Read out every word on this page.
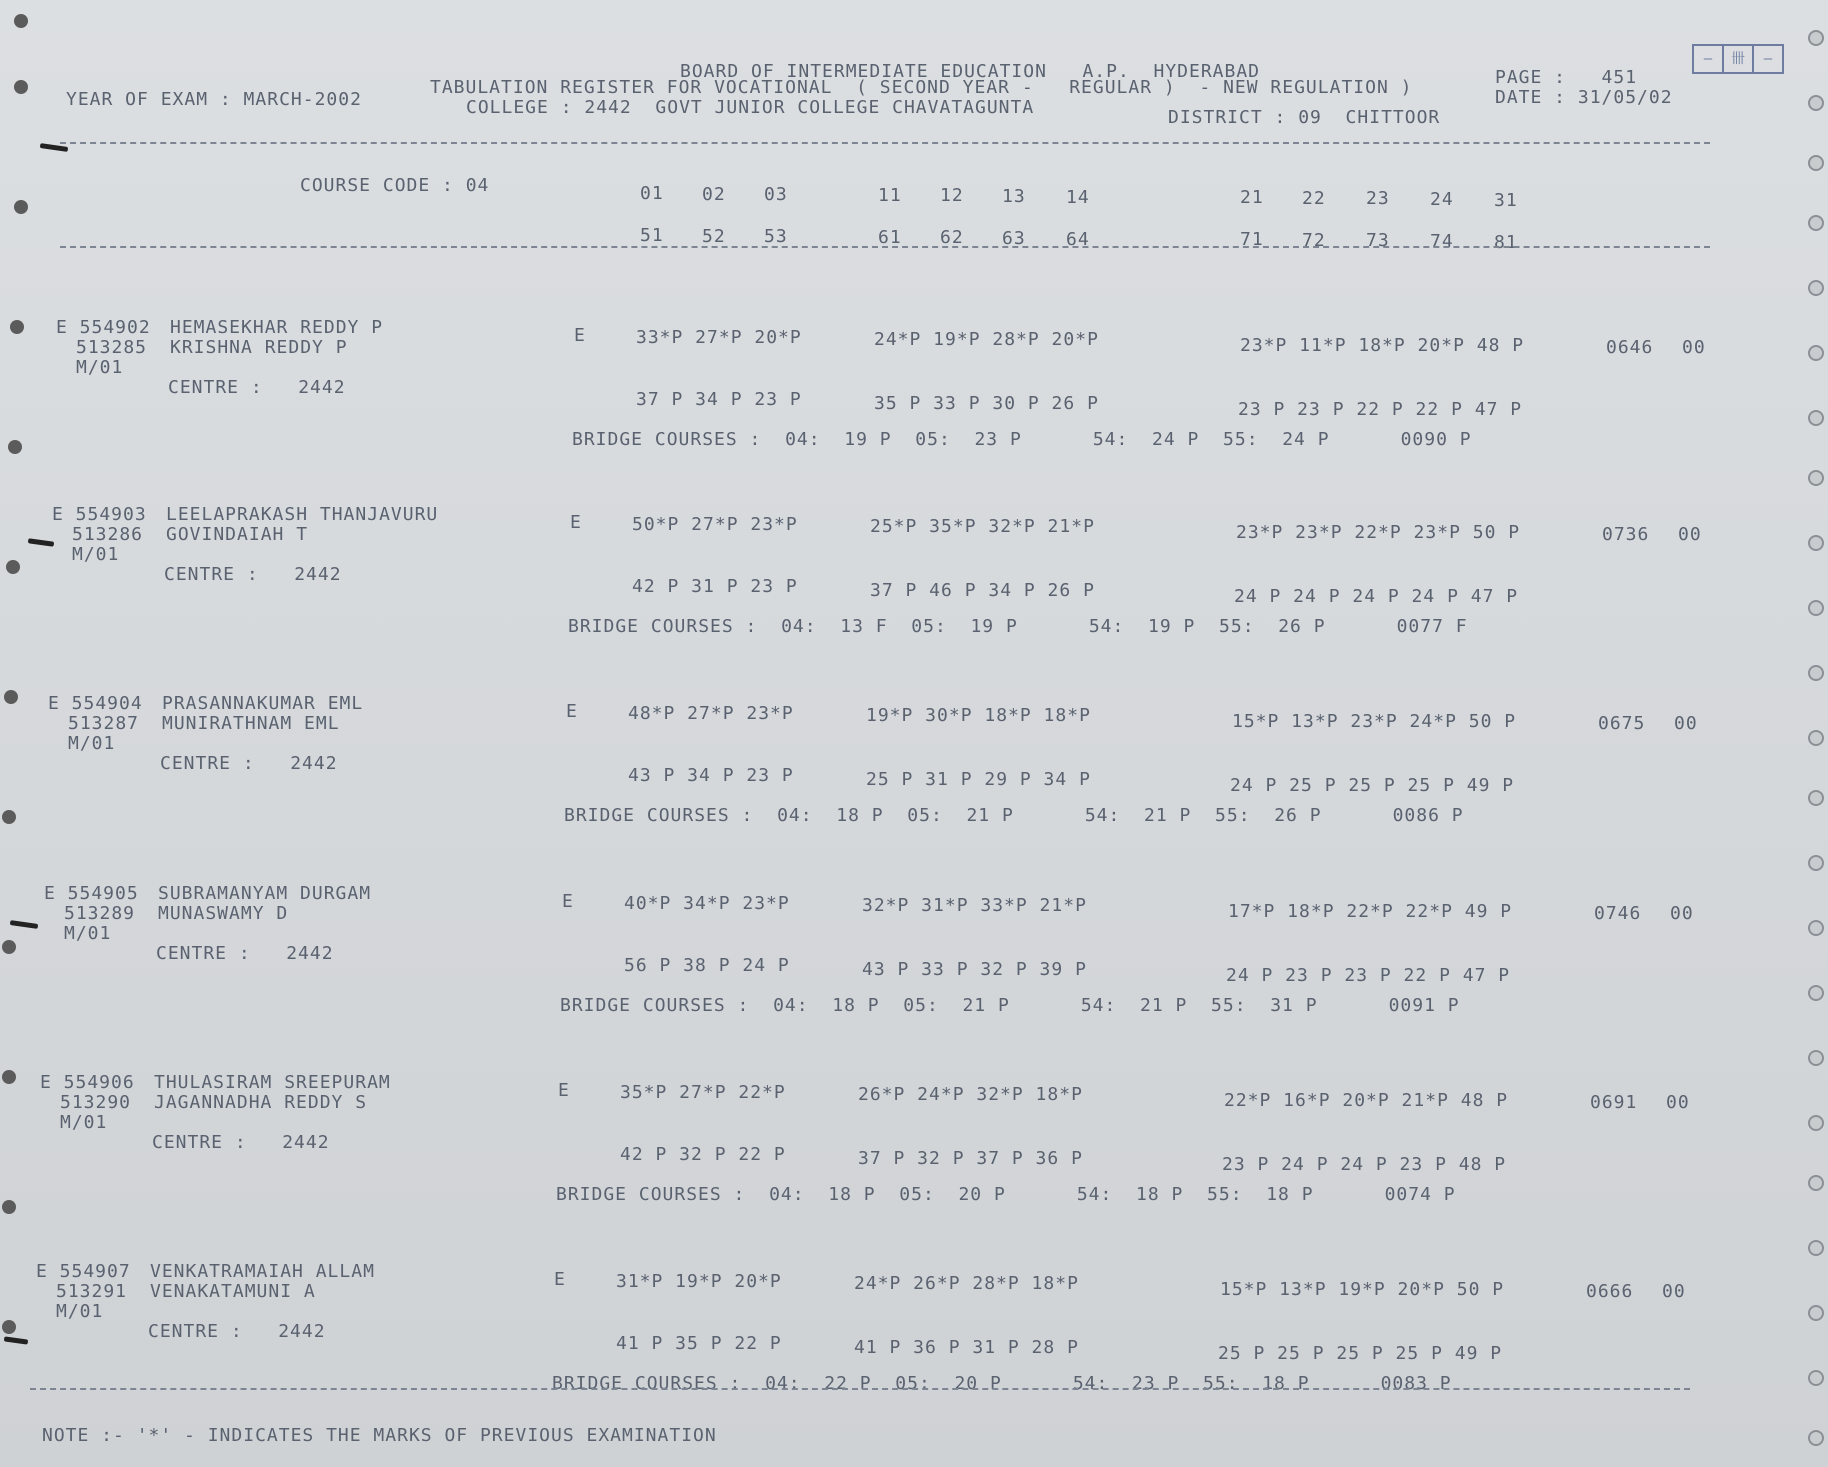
—	卌	—
BOARD OF INTERMEDIATE EDUCATION   A.P.  HYDERABAD	PAGE :   451
YEAR OF EXAM : MARCH-2002
TABULATION REGISTER FOR VOCATIONAL  ( SECOND YEAR -   REGULAR )  - NEW REGULATION )	DATE : 31/05/02
COLLEGE : 2442  GOVT JUNIOR COLLEGE CHAVATAGUNTA	DISTRICT : 09  CHITTOOR
COURSE CODE : 04	01 02 03	11 12 13 14	21 22 23 24 31
51 52 53	61 62 63 64	71 72 73 74 81
E 554902 HEMASEKHAR REDDY P
513285 KRISHNA REDDY P
M/01
CENTRE :   2442
E	33*P 27*P 20*P	24*P 19*P 28*P 20*P	23*P 11*P 18*P 20*P 48 P	0646 00
37 P 34 P 23 P	35 P 33 P 30 P 26 P	23 P 23 P 22 P 22 P 47 P
BRIDGE COURSES :  04:  19 P  05:  23 P      54:  24 P  55:  24 P      0090 P
E 554903 LEELAPRAKASH THANJAVURU
513286 GOVINDAIAH T
M/01
CENTRE :   2442
E	50*P 27*P 23*P	25*P 35*P 32*P 21*P	23*P 23*P 22*P 23*P 50 P	0736 00
42 P 31 P 23 P	37 P 46 P 34 P 26 P	24 P 24 P 24 P 24 P 47 P
BRIDGE COURSES :  04:  13 F  05:  19 P      54:  19 P  55:  26 P      0077 F
E 554904 PRASANNAKUMAR EML
513287 MUNIRATHNAM EML
M/01
CENTRE :   2442
E	48*P 27*P 23*P	19*P 30*P 18*P 18*P	15*P 13*P 23*P 24*P 50 P	0675 00
43 P 34 P 23 P	25 P 31 P 29 P 34 P	24 P 25 P 25 P 25 P 49 P
BRIDGE COURSES :  04:  18 P  05:  21 P      54:  21 P  55:  26 P      0086 P
E 554905 SUBRAMANYAM DURGAM
513289 MUNASWAMY D
M/01
CENTRE :   2442
E	40*P 34*P 23*P	32*P 31*P 33*P 21*P	17*P 18*P 22*P 22*P 49 P	0746 00
56 P 38 P 24 P	43 P 33 P 32 P 39 P	24 P 23 P 23 P 22 P 47 P
BRIDGE COURSES :  04:  18 P  05:  21 P      54:  21 P  55:  31 P      0091 P
E 554906 THULASIRAM SREEPURAM
513290 JAGANNADHA REDDY S
M/01
CENTRE :   2442
E	35*P 27*P 22*P	26*P 24*P 32*P 18*P	22*P 16*P 20*P 21*P 48 P	0691 00
42 P 32 P 22 P	37 P 32 P 37 P 36 P	23 P 24 P 24 P 23 P 48 P
BRIDGE COURSES :  04:  18 P  05:  20 P      54:  18 P  55:  18 P      0074 P
E 554907 VENKATRAMAIAH ALLAM
513291 VENAKATAMUNI A
M/01
CENTRE :   2442
E	31*P 19*P 20*P	24*P 26*P 28*P 18*P	15*P 13*P 19*P 20*P 50 P	0666 00
41 P 35 P 22 P	41 P 36 P 31 P 28 P	25 P 25 P 25 P 25 P 49 P
BRIDGE COURSES :  04:  22 P  05:  20 P      54:  23 P  55:  18 P      0083 P
NOTE :- '*' - INDICATES THE MARKS OF PREVIOUS EXAMINATION
